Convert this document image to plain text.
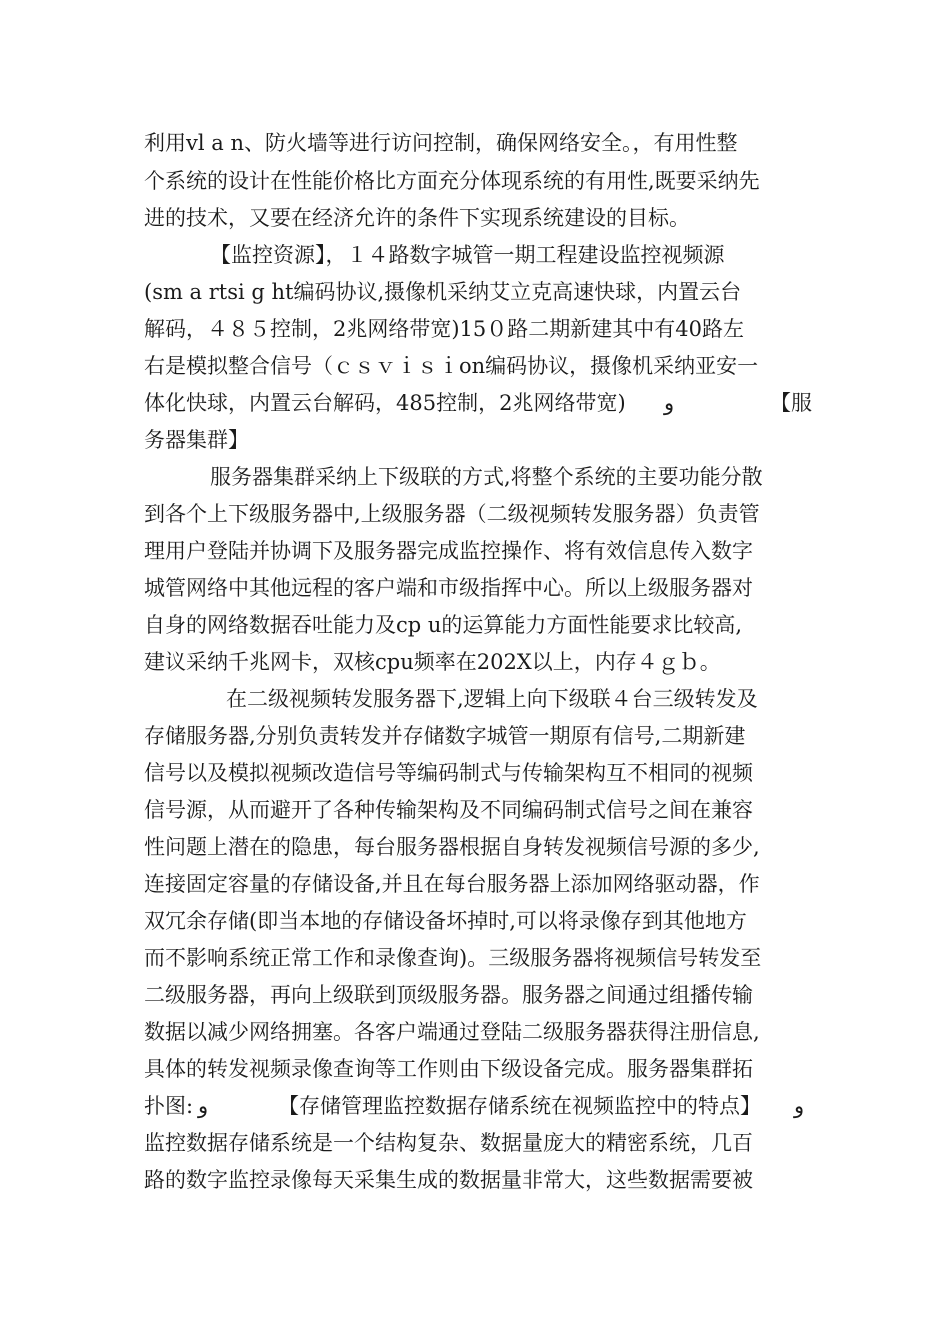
利用vl a n、防火墙等进行访问控制，确保网络安全。，有用性整
个系统的设计在性能价格比方面充分体现系统的有用性,既要采纳先
进的技术，又要在经济允许的条件下实现系统建设的目标。
【监控资源】，１４路数字城管一期工程建设监控视频源
(sm a rtsi g ht编码协议,摄像机采纳艾立克高速快球，内置云台
解码，４８５控制，2兆网络带宽)15０路二期新建其中有40路左
右是模拟整合信号（ｃｓｖｉｓｉon编码协议，摄像机采纳亚安一
体化快球，内置云台解码，485控制，2兆网络带宽) و	【服
务器集群】
服务器集群采纳上下级联的方式,将整个系统的主要功能分散
到各个上下级服务器中,上级服务器（二级视频转发服务器）负责管
理用户登陆并协调下及服务器完成监控操作、将有效信息传入数字
城管网络中其他远程的客户端和市级指挥中心。所以上级服务器对
自身的网络数据吞吐能力及cp u的运算能力方面性能要求比较高,
建议采纳千兆网卡，双核cpu频率在202X以上，内存４ｇｂ。
在二级视频转发服务器下,逻辑上向下级联４台三级转发及
存储服务器,分别负责转发并存储数字城管一期原有信号,二期新建
信号以及模拟视频改造信号等编码制式与传输架构互不相同的视频
信号源，从而避开了各种传输架构及不同编码制式信号之间在兼容
性问题上潜在的隐患，每台服务器根据自身转发视频信号源的多少,
连接固定容量的存储设备,并且在每台服务器上添加网络驱动器，作
双冗余存储(即当本地的存储设备坏掉时,可以将录像存到其他地方
而不影响系统正常工作和录像查询)。三级服务器将视频信号转发至
二级服务器，再向上级联到顶级服务器。服务器之间通过组播传输
数据以减少网络拥塞。各客户端通过登陆二级服务器获得注册信息,
具体的转发视频录像查询等工作则由下级设备完成。服务器集群拓
扑图: و	【存储管理监控数据存储系统在视频监控中的特点】 و
监控数据存储系统是一个结构复杂、数据量庞大的精密系统，几百
路的数字监控录像每天采集生成的数据量非常大，这些数据需要被
